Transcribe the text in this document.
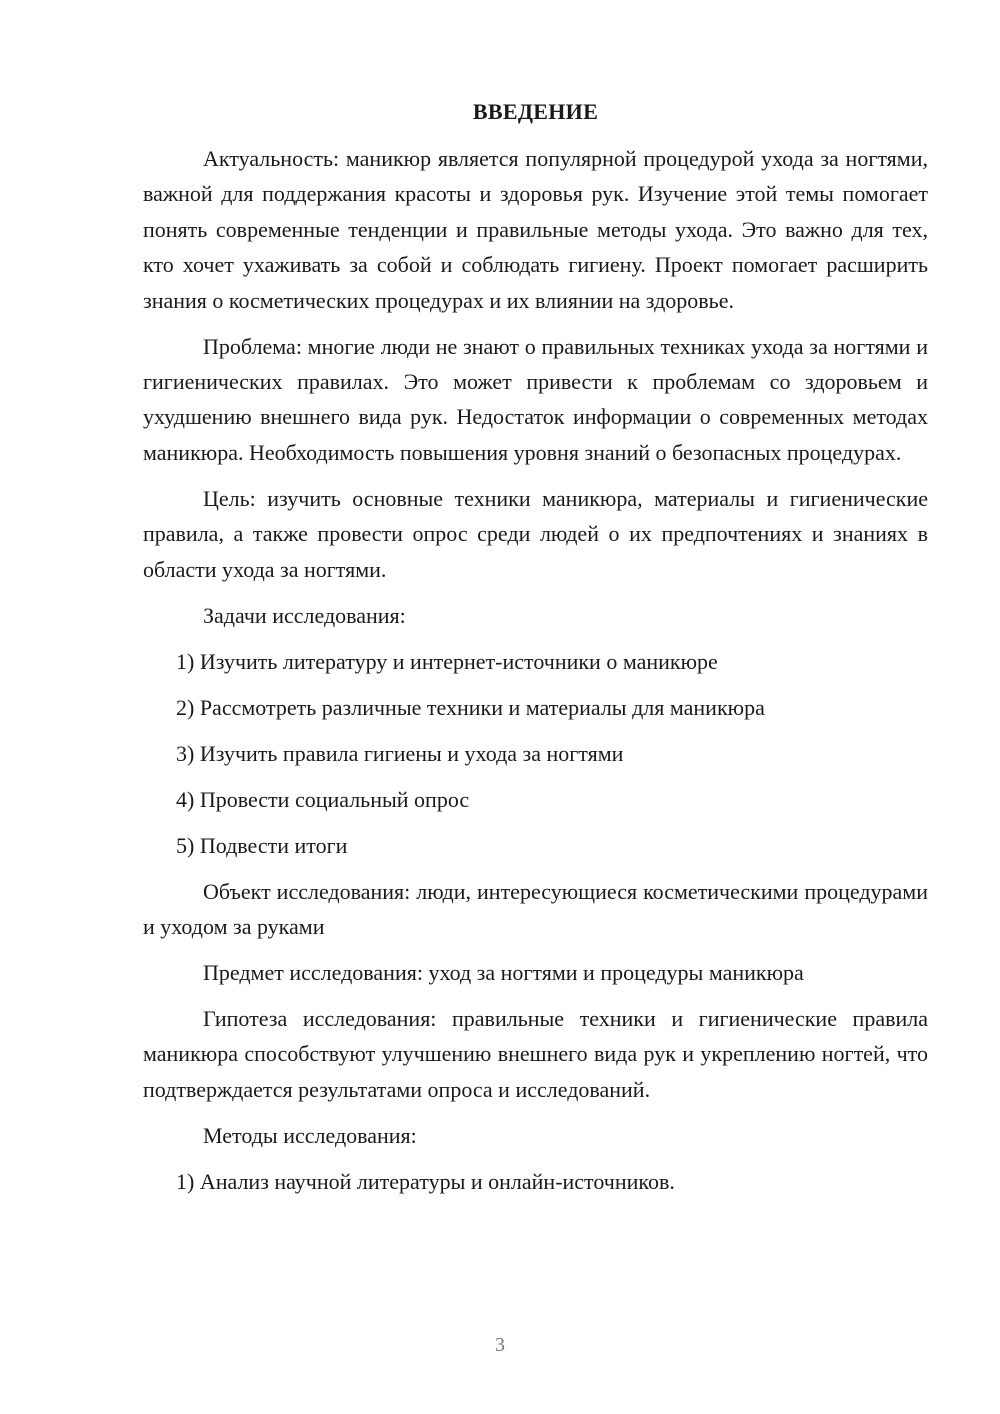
ВВЕДЕНИЕ

Актуальность: маникюр является популярной процедурой ухода за ногтями, важной для поддержания красоты и здоровья рук. Изучение этой темы помогает понять современные тенденции и правильные методы ухода. Это важно для тех, кто хочет ухаживать за собой и соблюдать гигиену. Проект помогает расширить знания о косметических процедурах и их влиянии на здоровье.

Проблема: многие люди не знают о правильных техниках ухода за ногтями и гигиенических правилах. Это может привести к проблемам со здоровьем и ухудшению внешнего вида рук. Недостаток информации о современных методах маникюра. Необходимость повышения уровня знаний о безопасных процедурах.

Цель: изучить основные техники маникюра, материалы и гигиенические правила, а также провести опрос среди людей о их предпочтениях и знаниях в области ухода за ногтями.

Задачи исследования:

1) Изучить литературу и интернет-источники о маникюре
2) Рассмотреть различные техники и материалы для маникюра
3) Изучить правила гигиены и ухода за ногтями
4) Провести социальный опрос
5) Подвести итоги

Объект исследования: люди, интересующиеся косметическими процедурами и уходом за руками

Предмет исследования: уход за ногтями и процедуры маникюра

Гипотеза исследования: правильные техники и гигиенические правила маникюра способствуют улучшению внешнего вида рук и укреплению ногтей, что подтверждается результатами опроса и исследований.

Методы исследования:

1) Анализ научной литературы и онлайн-источников.
3
